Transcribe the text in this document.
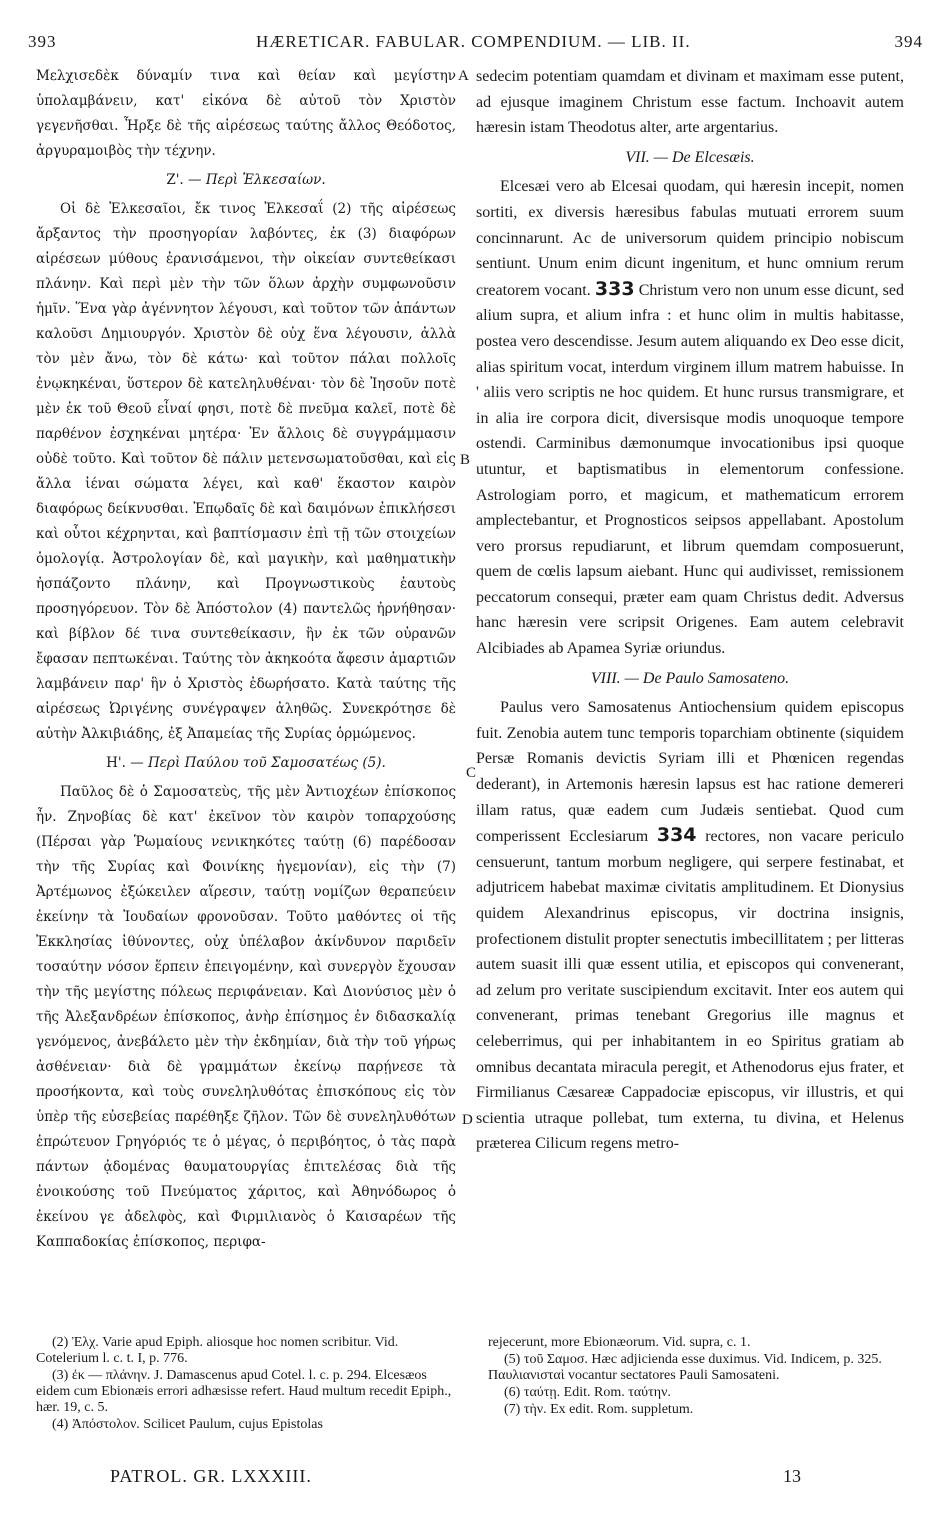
393	HÆRETICAR. FABULAR. COMPENDIUM. — LIB. II.	394

Μελχισεδὲκ δύναμίν τινα καὶ θείαν καὶ μεγίστην ὑπολαμβάνειν, κατ' εἰκόνα δὲ αὐτοῦ τὸν Χριστὸν γεγενῆσθαι. Ἦρξε δὲ τῆς αἱρέσεως ταύτης ἄλλος Θεόδοτος, ἀργυραμοιβὸς τὴν τέχνην.

Ζ'. — Περὶ Ἐλκεσαίων.

Οἱ δὲ Ἐλκεσαῖοι, ἔκ τινος Ἐλκεσαΐ (2) τῆς αἱρέσεως ἄρξαντος τὴν προσηγορίαν λαβόντες, ἐκ (3) διαφόρων αἱρέσεων μύθους ἐρανισάμενοι, τὴν οἰκείαν συντεθείκασι πλάνην. Καὶ περὶ μὲν τὴν τῶν ὅλων ἀρχὴν συμφωνοῦσιν ἡμῖν. Ἕνα γὰρ ἀγέννητον λέγουσι, καὶ τοῦτον τῶν ἁπάντων καλοῦσι Δημιουργόν. Χριστὸν δὲ οὐχ ἕνα λέγουσιν, ἀλλὰ τὸν μὲν ἄνω, τὸν δὲ κάτω· καὶ τοῦτον πάλαι πολλοῖς ἐνῳκηκέναι, ὕστερον δὲ κατεληλυθέναι· τὸν δὲ Ἰησοῦν ποτὲ μὲν ἐκ τοῦ Θεοῦ εἶναί φησι, ποτὲ δὲ πνεῦμα καλεῖ, ποτὲ δὲ παρθένον ἐσχηκέναι μητέρα· Ἐν ἄλλοις δὲ συγγράμμασιν οὐδὲ τοῦτο. Καὶ τοῦτον δὲ πάλιν μετενσωματοῦσθαι, καὶ εἰς ἄλλα ἰέναι σώματα λέγει, καὶ καθ' ἕκαστον καιρὸν διαφόρως δείκνυσθαι. Ἐπῳδαῖς δὲ καὶ δαιμόνων ἐπικλήσεσι καὶ οὗτοι κέχρηνται, καὶ βαπτίσμασιν ἐπὶ τῇ τῶν στοιχείων ὁμολογίᾳ. Ἀστρολογίαν δὲ, καὶ μαγικὴν, καὶ μαθηματικὴν ἠσπάζοντο πλάνην, καὶ Προγνωστικοὺς ἑαυτοὺς προσηγόρευον. Τὸν δὲ Ἀπόστολον (4) παντελῶς ἠρνήθησαν· καὶ βίβλον δέ τινα συντεθείκασιν, ἣν ἐκ τῶν οὐρανῶν ἔφασαν πεπτωκέναι. Ταύτης τὸν ἀκηκοότα ἄφεσιν ἁμαρτιῶν λαμβάνειν παρ' ἣν ὁ Χριστὸς ἐδωρήσατο. Κατὰ ταύτης τῆς αἱρέσεως Ὠριγένης συνέγραψεν ἀληθῶς. Συνεκρότησε δὲ αὐτὴν Ἀλκιβιάδης, ἐξ Ἀπαμείας τῆς Συρίας ὁρμώμενος.

Η'. — Περὶ Παύλου τοῦ Σαμοσατέως (5).

Παῦλος δὲ ὁ Σαμοσατεὺς, τῆς μὲν Ἀντιοχέων ἐπίσκοπος ἦν. Ζηνοβίας δὲ κατ' ἐκεῖνον τὸν καιρὸν τοπαρχούσης (Πέρσαι γὰρ Ῥωμαίους νενικηκότες ταύτῃ (6) παρέδοσαν τὴν τῆς Συρίας καὶ Φοινίκης ἡγεμονίαν), εἰς τὴν (7) Ἀρτέμωνος ἐξώκειλεν αἵρεσιν, ταύτῃ νομίζων θεραπεύειν ἐκείνην τὰ Ἰουδαίων φρονοῦσαν. Τοῦτο μαθόντες οἱ τῆς Ἐκκλησίας ἰθύνοντες, οὐχ ὑπέλαβον ἀκίνδυνον παριδεῖν τοσαύτην νόσον ἕρπειν ἐπειγομένην, καὶ συνεργὸν ἔχουσαν τὴν τῆς μεγίστης πόλεως περιφάνειαν. Καὶ Διονύσιος μὲν ὁ τῆς Ἀλεξανδρέων ἐπίσκοπος, ἀνὴρ ἐπίσημος ἐν διδασκαλίᾳ γενόμενος, ἀνεβάλετο μὲν τὴν ἐκδημίαν, διὰ τὴν τοῦ γήρως ἀσθένειαν· διὰ δὲ γραμμάτων ἐκείνῳ παρῄνεσε τὰ προσήκοντα, καὶ τοὺς συνεληλυθότας ἐπισκόπους εἰς τὸν ὑπὲρ τῆς εὐσεβείας παρέθηξε ζῆλον. Τῶν δὲ συνεληλυθότων ἐπρώτευον Γρηγόριός τε ὁ μέγας, ὁ περιβόητος, ὁ τὰς παρὰ πάντων ᾀδομένας θαυματουργίας ἐπιτελέσας διὰ τῆς ἐνοικούσης τοῦ Πνεύματος χάριτος, καὶ Ἀθηνόδωρος ὁ ἐκείνου γε ἀδελφὸς, καὶ Φιρμιλιανὸς ὁ Καισαρέων τῆς Καππαδοκίας ἐπίσκοπος, περιφα-

A
B
C
D

sedecim potentiam quamdam et divinam et maximam esse putent, ad ejusque imaginem Christum esse factum. Inchoavit autem hæresin istam Theodotus alter, arte argentarius.

VII. — De Elcesæis.

Elcesæi vero ab Elcesai quodam, qui hæresin incepit, nomen sortiti, ex diversis hæresibus fabulas mutuati errorem suum concinnarunt. Ac de universorum quidem principio nobiscum sentiunt. Unum enim dicunt ingenitum, et hunc omnium rerum creatorem vocant. 333 Christum vero non unum esse dicunt, sed alium supra, et alium infra : et hunc olim in multis habitasse, postea vero descendisse. Jesum autem aliquando ex Deo esse dicit, alias spiritum vocat, interdum virginem illum matrem habuisse. In ' aliis vero scriptis ne hoc quidem. Et hunc rursus transmigrare, et in alia ire corpora dicit, diversisque modis unoquoque tempore ostendi. Carminibus dæmonumque invocationibus ipsi quoque utuntur, et baptismatibus in elementorum confessione. Astrologiam porro, et magicum, et mathematicum errorem amplectebantur, et Prognosticos seipsos appellabant. Apostolum vero prorsus repudiarunt, et librum quemdam composuerunt, quem de cœlis lapsum aiebant. Hunc qui audivisset, remissionem peccatorum consequi, præter eam quam Christus dedit. Adversus hanc hæresin vere scripsit Origenes. Eam autem celebravit Alcibiades ab Apamea Syriæ oriundus.

VIII. — De Paulo Samosateno.

Paulus vero Samosatenus Antiochensium quidem episcopus fuit. Zenobia autem tunc temporis toparchiam obtinente (siquidem Persæ Romanis devictis Syriam illi et Phœnicen regendas dederant), in Artemonis hæresin lapsus est hac ratione demereri illam ratus, quæ eadem cum Judæis sentiebat. Quod cum comperissent Ecclesiarum 334 rectores, non vacare periculo censuerunt, tantum morbum negligere, qui serpere festinabat, et adjutricem habebat maximæ civitatis amplitudinem. Et Dionysius quidem Alexandrinus episcopus, vir doctrina insignis, profectionem distulit propter senectutis imbecillitatem ; per litteras autem suasit illi quæ essent utilia, et episcopos qui convenerant, ad zelum pro veritate suscipiendum excitavit. Inter eos autem qui convenerant, primas tenebant Gregorius ille magnus et celeberrimus, qui per inhabitantem in eo Spiritus gratiam ab omnibus decantata miracula peregit, et Athenodorus ejus frater, et Firmilianus Cæsareæ Cappadociæ episcopus, vir illustris, et qui scientia utraque pollebat, tum externa, tu divina, et Helenus præterea Cilicum regens metro-

(2) Ἐλχ. Varie apud Epiph. aliosque hoc nomen scribitur. Vid. Cotelerium l. c. t. I, p. 776.

(3) ἐκ — πλάνην. J. Damascenus apud Cotel. l. c. p. 294. Elcesæos eidem cum Ebionæis errori adhæsisse refert. Haud multum recedit Epiph., hær. 19, c. 5.

(4) Ἀπόστολον. Scilicet Paulum, cujus Epistolas

rejecerunt, more Ebionæorum. Vid. supra, c. 1.

(5) τοῦ Σαμοσ. Hæc adjicienda esse duximus. Vid. Indicem, p. 325. Παυλιανισταὶ vocantur sectatores Pauli Samosateni.

(6) ταύτῃ. Edit. Rom. ταύτην.

(7) τὴν. Ex edit. Rom. suppletum.

PATROL. GR. LXXXIII.	13
